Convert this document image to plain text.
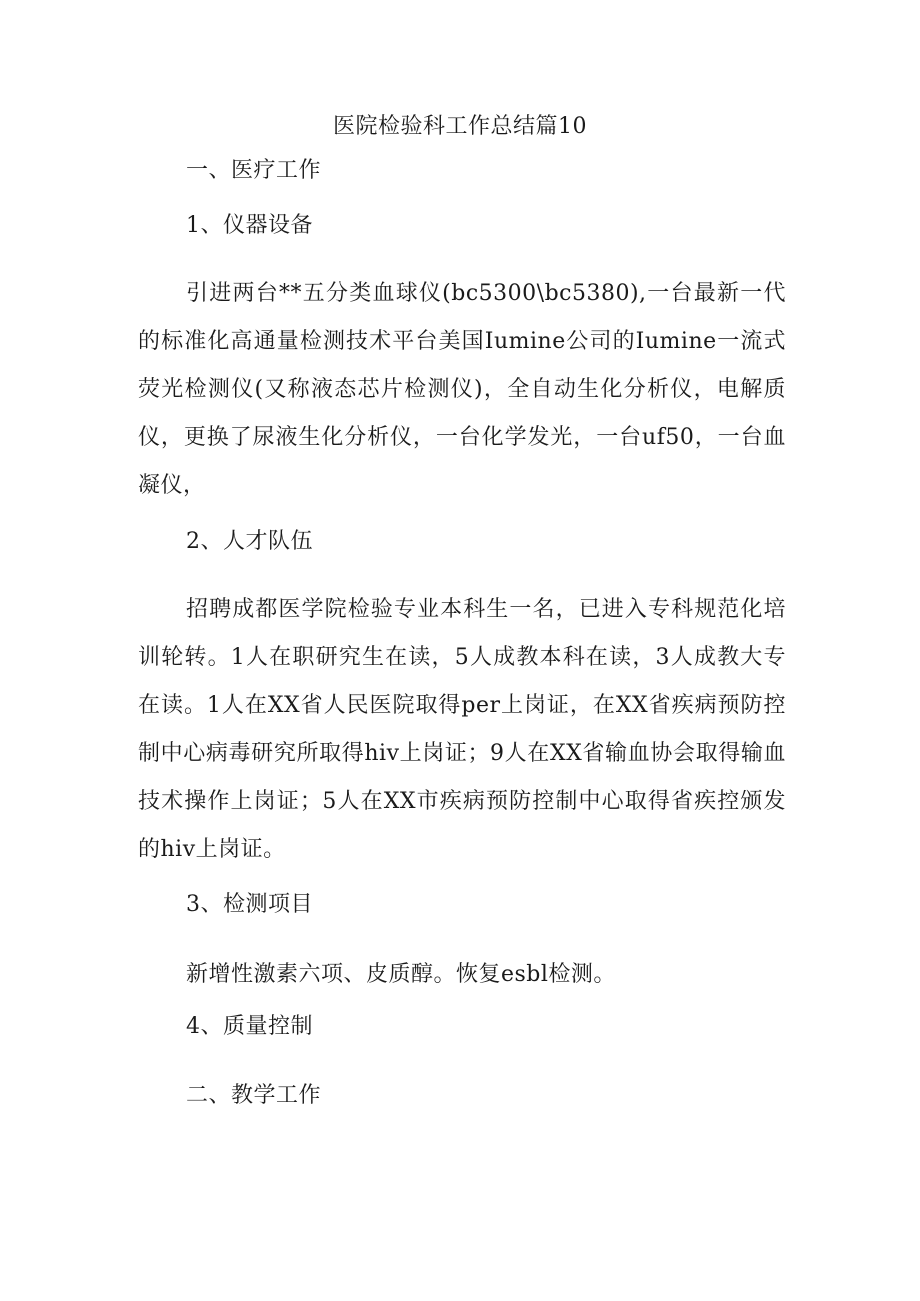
医院检验科工作总结篇10
一、医疗工作
1、仪器设备
引进两台**五分类血球仪(bc5300\bc5380),一台最新一代的标准化高通量检测技术平台美国Iumine公司的Iumine一流式荧光检测仪(又称液态芯片检测仪)，全自动生化分析仪，电解质仪，更换了尿液生化分析仪，一台化学发光，一台uf50，一台血凝仪，
2、人才队伍
招聘成都医学院检验专业本科生一名，已进入专科规范化培训轮转。1人在职研究生在读，5人成教本科在读，3人成教大专在读。1人在XX省人民医院取得per上岗证，在XX省疾病预防控制中心病毒研究所取得hiv上岗证；9人在XX省输血协会取得输血技术操作上岗证；5人在XX市疾病预防控制中心取得省疾控颁发的hiv上岗证。
3、检测项目
新增性激素六项、皮质醇。恢复esbl检测。
4、质量控制
二、教学工作
